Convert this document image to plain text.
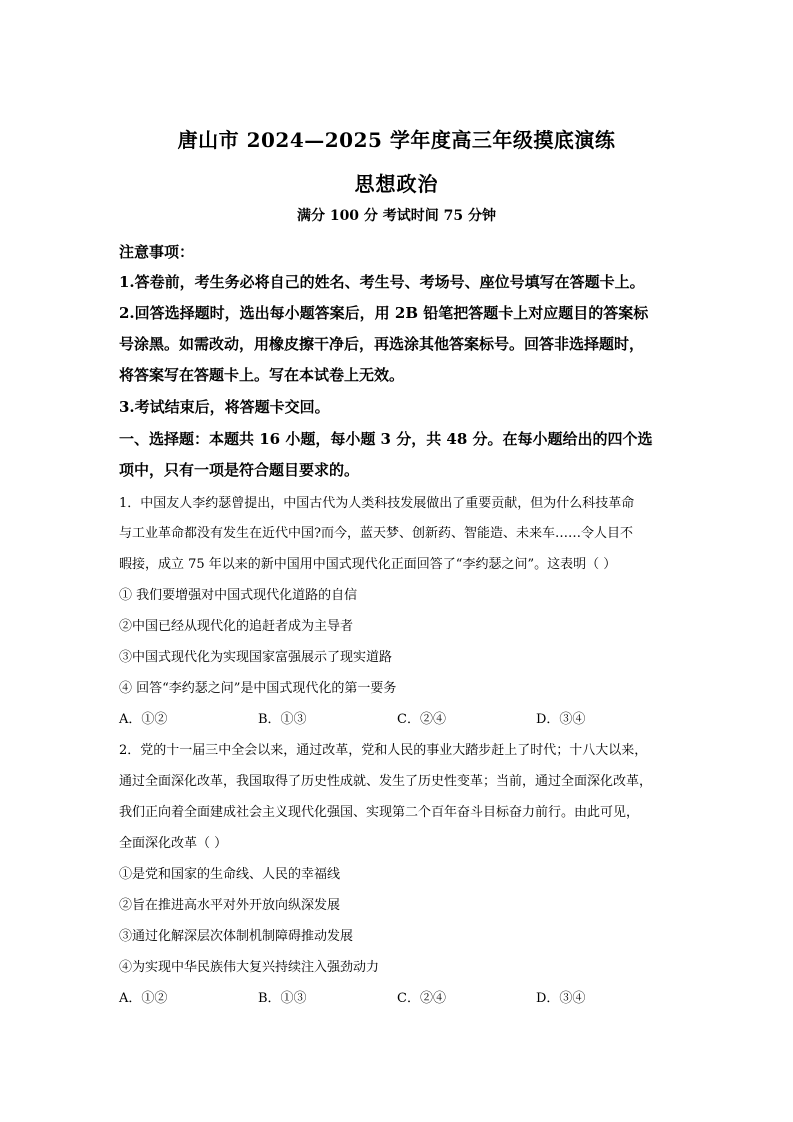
唐山市 2024—2025 学年度高三年级摸底演练
思想政治
满分 100 分 考试时间 75 分钟
注意事项：
1.答卷前，考生务必将自己的姓名、考生号、考场号、座位号填写在答题卡上。
2.回答选择题时，选出每小题答案后，用 2B 铅笔把答题卡上对应题目的答案标
号涂黑。如需改动，用橡皮擦干净后，再选涂其他答案标号。回答非选择题时，
将答案写在答题卡上。写在本试卷上无效。
3.考试结束后，将答题卡交回。
一、选择题：本题共 16 小题，每小题 3 分，共 48 分。在每小题给出的四个选
项中，只有一项是符合题目要求的。
1．中国友人李约瑟曾提出，中国古代为人类科技发展做出了重要贡献，但为什么科技革命
与工业革命都没有发生在近代中国?而今，蓝天梦、创新药、智能造、未来车……令人目不
暇接，成立 75 年以来的新中国用中国式现代化正面回答了“李约瑟之问”。这表明（ ）
① 我们要增强对中国式现代化道路的自信
②中国已经从现代化的追赶者成为主导者
③中国式现代化为实现国家富强展示了现实道路
④ 回答“李约瑟之问”是中国式现代化的第一要务
A．①②	B．①③	C．②④	D．③④
2．党的十一届三中全会以来，通过改革，党和人民的事业大踏步赶上了时代；十八大以来，
通过全面深化改革，我国取得了历史性成就、发生了历史性变革；当前，通过全面深化改革，
我们正向着全面建成社会主义现代化强国、实现第二个百年奋斗目标奋力前行。由此可见，
全面深化改革（ ）
①是党和国家的生命线、人民的幸福线
②旨在推进高水平对外开放向纵深发展
③通过化解深层次体制机制障碍推动发展
④为实现中华民族伟大复兴持续注入强劲动力
A．①②	B．①③	C．②④	D．③④
